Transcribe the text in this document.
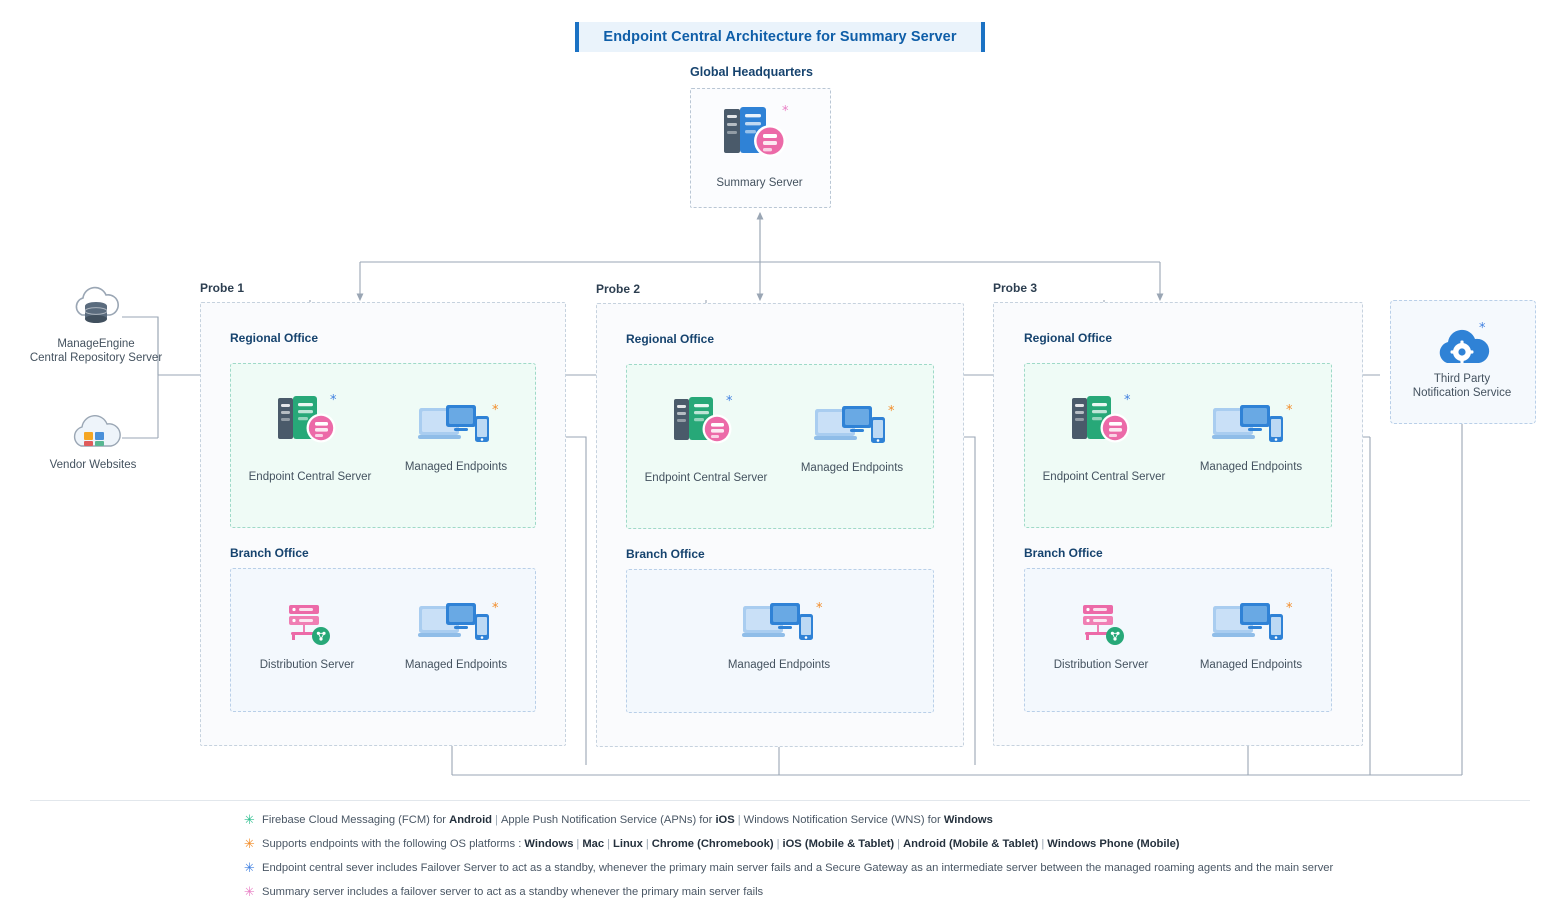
Endpoint Central Architecture for Summary Server
Global Headquarters
*
Summary Server
ManageEngine
Central Repository Server
Vendor Websites
Probe 1
Regional Office
*
Endpoint Central Server
*
Managed Endpoints
Branch Office
Distribution Server
*
Managed Endpoints
Probe 2
Regional Office
*
Endpoint Central Server
*
Managed Endpoints
Branch Office
*
Managed Endpoints
Probe 3
Regional Office
*
Endpoint Central Server
*
Managed Endpoints
Branch Office
Distribution Server
*
Managed Endpoints
*
Third Party
Notification Service
✳ Firebase Cloud Messaging (FCM) for Android | Apple Push Notification Service (APNs) for iOS | Windows Notification Service (WNS) for Windows
✳ Supports endpoints with the following OS platforms : Windows | Mac | Linux | Chrome (Chromebook) | iOS (Mobile & Tablet) | Android (Mobile & Tablet) | Windows Phone (Mobile)
✳ Endpoint central sever includes Failover Server to act as a standby, whenever the primary main server fails and a Secure Gateway as an intermediate server between the managed roaming agents and the main server
✳ Summary server includes a failover server to act as a standby whenever the primary main server fails
